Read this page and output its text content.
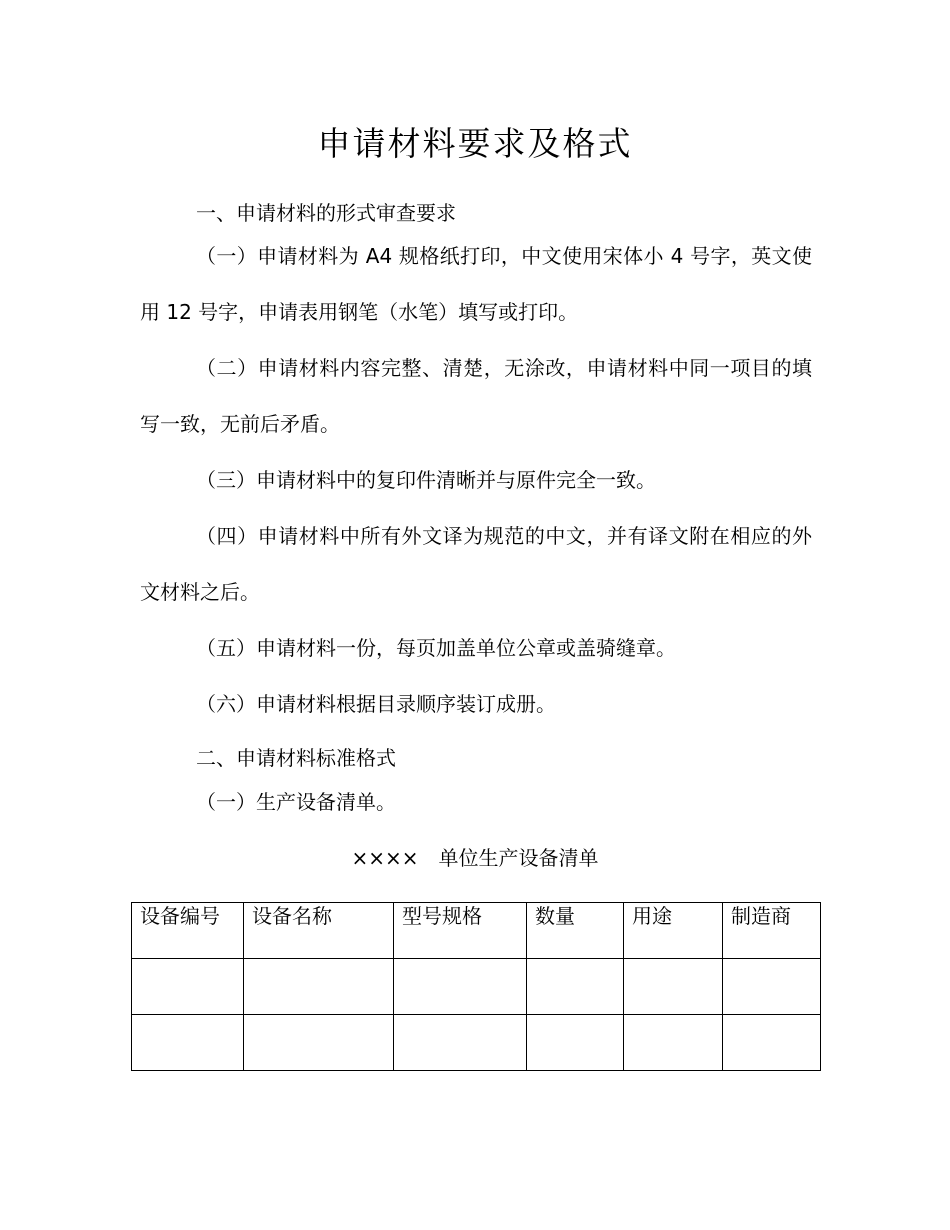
申请材料要求及格式

一、申请材料的形式审查要求

（一）申请材料为 A4 规格纸打印，中文使用宋体小 4 号字，英文使用 12 号字，申请表用钢笔（水笔）填写或打印。

（二）申请材料内容完整、清楚，无涂改，申请材料中同一项目的填写一致，无前后矛盾。

（三）申请材料中的复印件清晰并与原件完全一致。

（四）申请材料中所有外文译为规范的中文，并有译文附在相应的外文材料之后。

（五）申请材料一份，每页加盖单位公章或盖骑缝章。

（六）申请材料根据目录顺序装订成册。

二、申请材料标准格式

（一）生产设备清单。

××××　单位生产设备清单

设备编号	设备名称	型号规格	数量	用途	制造商
